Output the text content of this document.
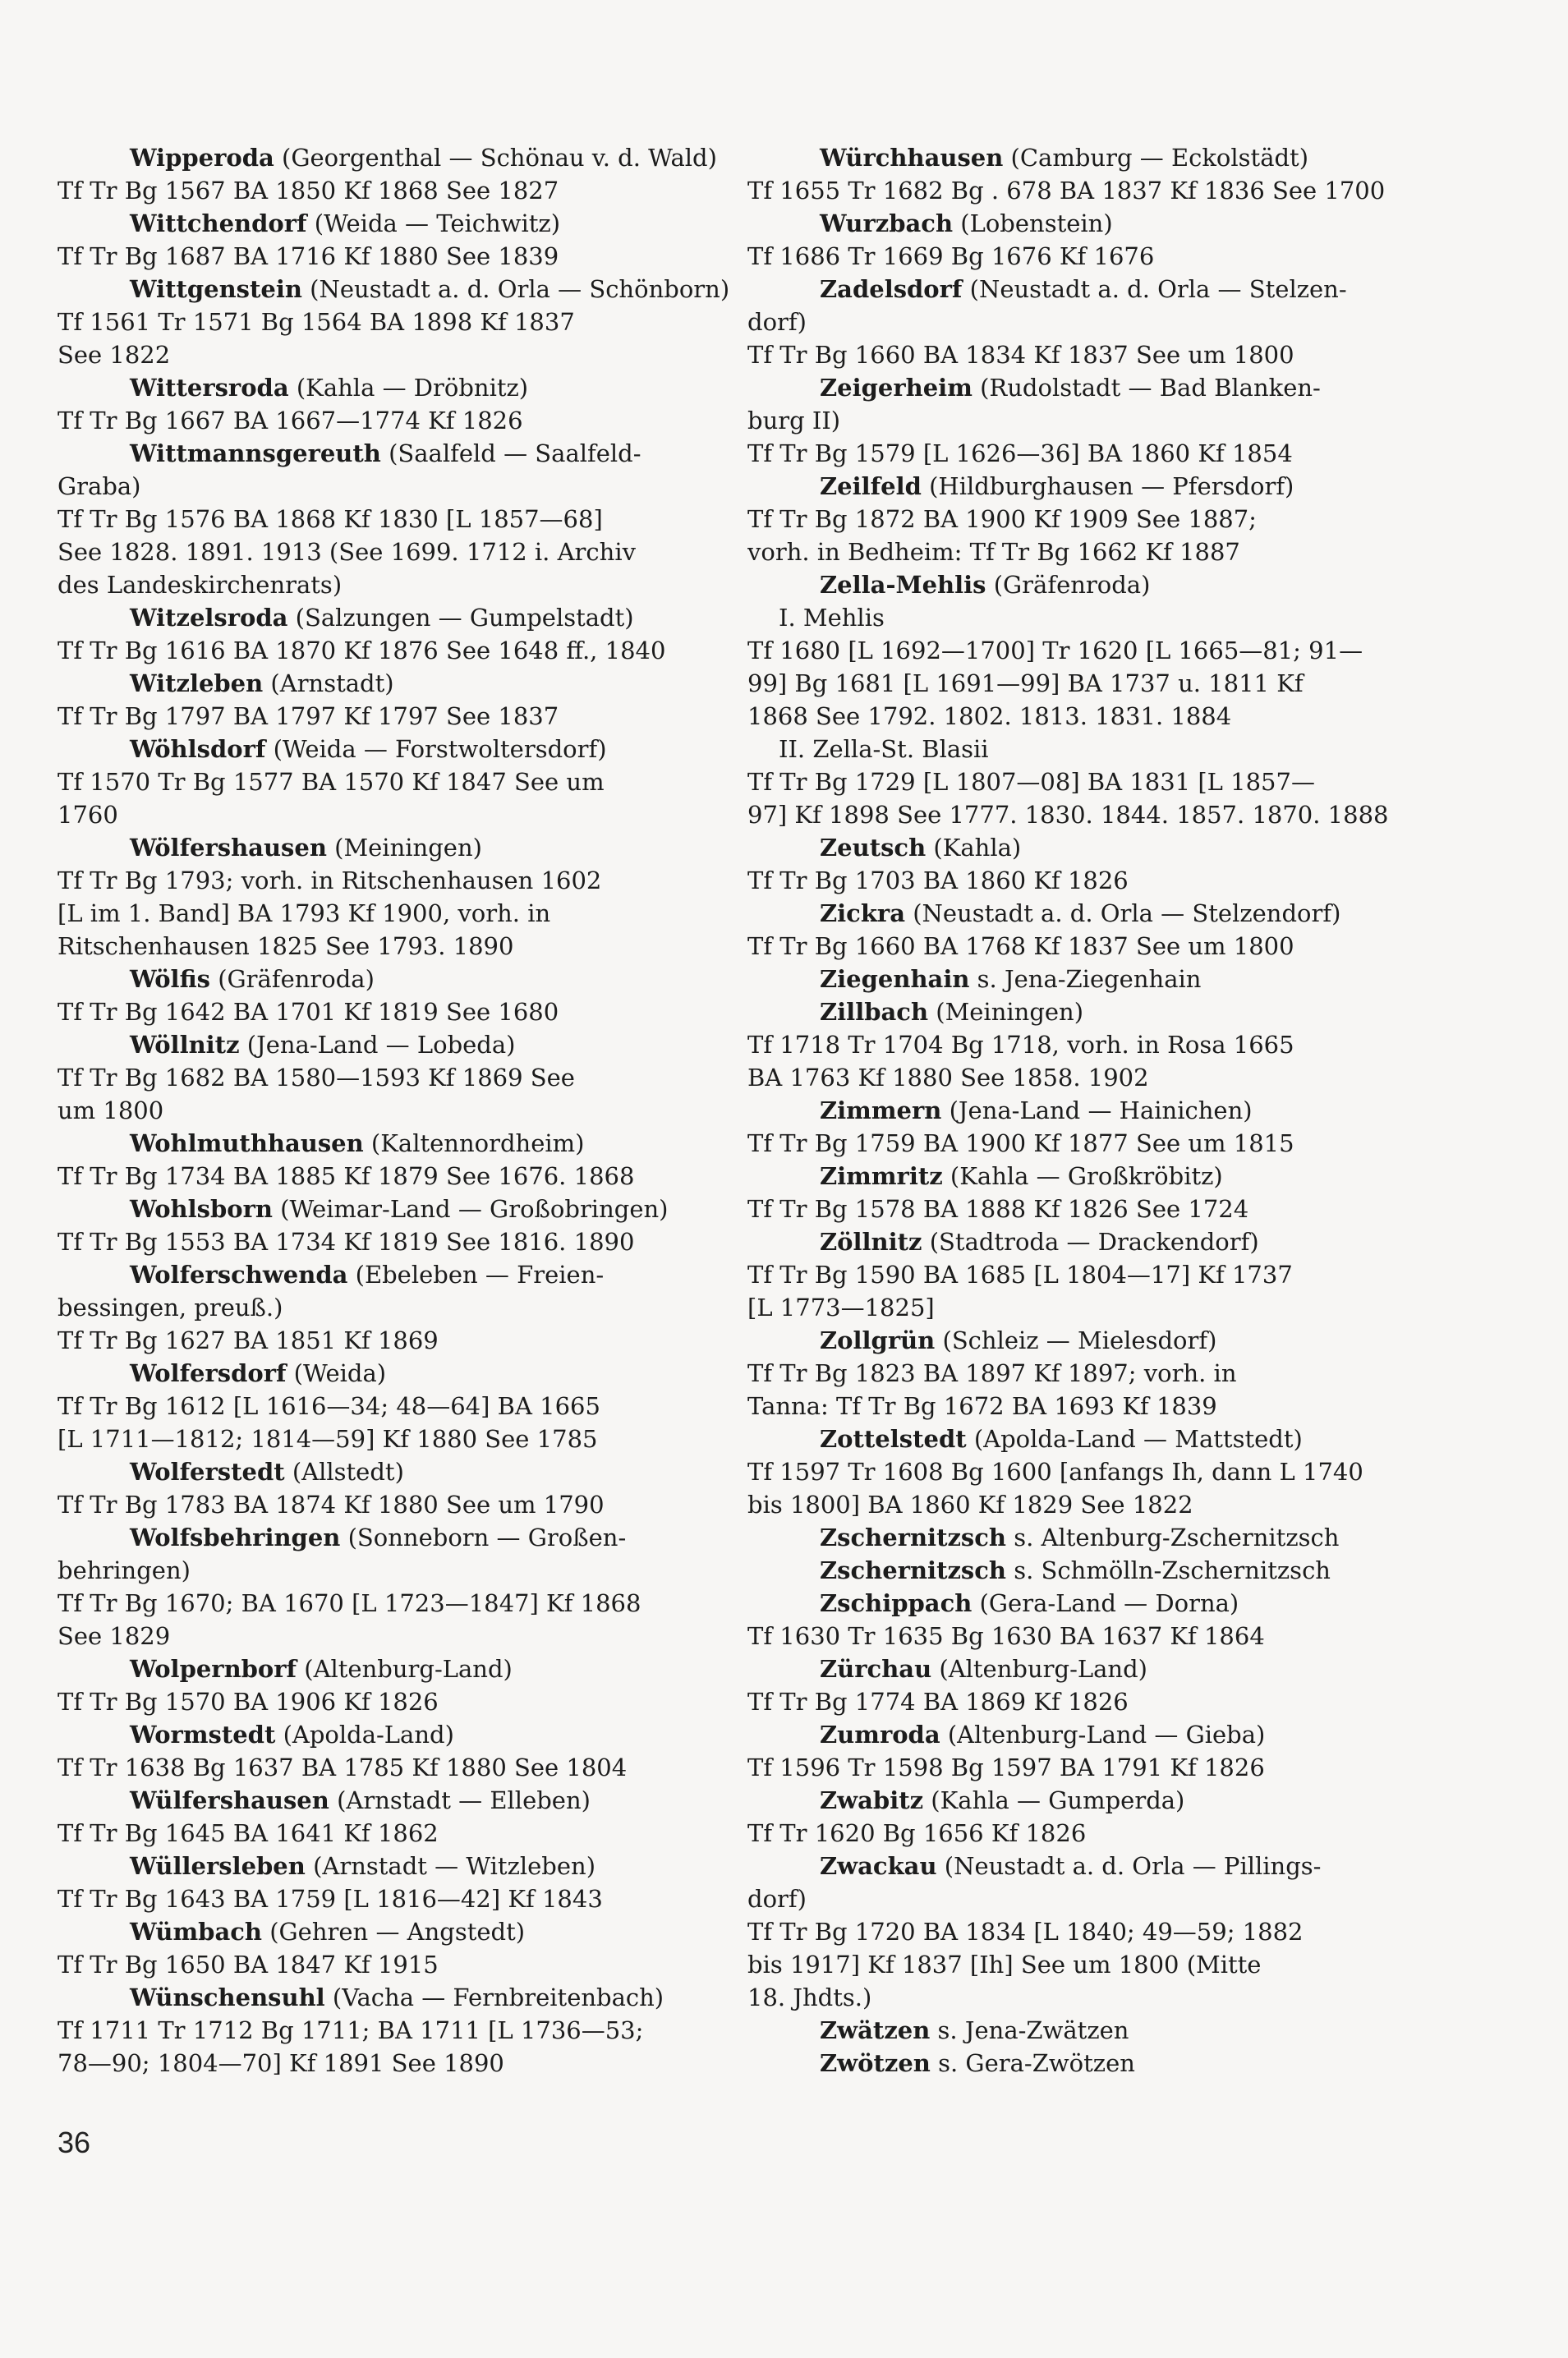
Wipperoda (Georgenthal — Schönau v. d. Wald)
Tf Tr Bg 1567 BA 1850 Kf 1868 See 1827
Wittchendorf (Weida — Teichwitz)
Tf Tr Bg 1687 BA 1716 Kf 1880 See 1839
Wittgenstein (Neustadt a. d. Orla — Schönborn)
Tf 1561 Tr 1571 Bg 1564 BA 1898 Kf 1837
See 1822
Wittersroda (Kahla — Dröbnitz)
Tf Tr Bg 1667 BA 1667—1774 Kf 1826
Wittmannsgereuth (Saalfeld — Saalfeld-
Graba)
Tf Tr Bg 1576 BA 1868 Kf 1830 [L 1857—68]
See 1828. 1891. 1913 (See 1699. 1712 i. Archiv
des Landeskirchenrats)
Witzelsroda (Salzungen — Gumpelstadt)
Tf Tr Bg 1616 BA 1870 Kf 1876 See 1648 ff., 1840
Witzleben (Arnstadt)
Tf Tr Bg 1797 BA 1797 Kf 1797 See 1837
Wöhlsdorf (Weida — Forstwoltersdorf)
Tf 1570 Tr Bg 1577 BA 1570 Kf 1847 See um
1760
Wölfershausen (Meiningen)
Tf Tr Bg 1793; vorh. in Ritschenhausen 1602
[L im 1. Band] BA 1793 Kf 1900, vorh. in
Ritschenhausen 1825 See 1793. 1890
Wölfis (Gräfenroda)
Tf Tr Bg 1642 BA 1701 Kf 1819 See 1680
Wöllnitz (Jena-Land — Lobeda)
Tf Tr Bg 1682 BA 1580—1593 Kf 1869 See
um 1800
Wohlmuthhausen (Kaltennordheim)
Tf Tr Bg 1734 BA 1885 Kf 1879 See 1676. 1868
Wohlsborn (Weimar-Land — Großobringen)
Tf Tr Bg 1553 BA 1734 Kf 1819 See 1816. 1890
Wolferschwenda (Ebeleben — Freien-
bessingen, preuß.)
Tf Tr Bg 1627 BA 1851 Kf 1869
Wolfersdorf (Weida)
Tf Tr Bg 1612 [L 1616—34; 48—64] BA 1665
[L 1711—1812; 1814—59] Kf 1880 See 1785
Wolferstedt (Allstedt)
Tf Tr Bg 1783 BA 1874 Kf 1880 See um 1790
Wolfsbehringen (Sonneborn — Großen-
behringen)
Tf Tr Bg 1670; BA 1670 [L 1723—1847] Kf 1868
See 1829
Wolpernborf (Altenburg-Land)
Tf Tr Bg 1570 BA 1906 Kf 1826
Wormstedt (Apolda-Land)
Tf Tr 1638 Bg 1637 BA 1785 Kf 1880 See 1804
Wülfershausen (Arnstadt — Elleben)
Tf Tr Bg 1645 BA 1641 Kf 1862
Wüllersleben (Arnstadt — Witzleben)
Tf Tr Bg 1643 BA 1759 [L 1816—42] Kf 1843
Wümbach (Gehren — Angstedt)
Tf Tr Bg 1650 BA 1847 Kf 1915
Wünschensuhl (Vacha — Fernbreitenbach)
Tf 1711 Tr 1712 Bg 1711; BA 1711 [L 1736—53;
78—90; 1804—70] Kf 1891 See 1890
Würchhausen (Camburg — Eckolstädt)
Tf 1655 Tr 1682 Bg . 678 BA 1837 Kf 1836 See 1700
Wurzbach (Lobenstein)
Tf 1686 Tr 1669 Bg 1676 Kf 1676
Zadelsdorf (Neustadt a. d. Orla — Stelzen-
dorf)
Tf Tr Bg 1660 BA 1834 Kf 1837 See um 1800
Zeigerheim (Rudolstadt — Bad Blanken-
burg II)
Tf Tr Bg 1579 [L 1626—36] BA 1860 Kf 1854
Zeilfeld (Hildburghausen — Pfersdorf)
Tf Tr Bg 1872 BA 1900 Kf 1909 See 1887;
vorh. in Bedheim: Tf Tr Bg 1662 Kf 1887
Zella-Mehlis (Gräfenroda)
I. Mehlis
Tf 1680 [L 1692—1700] Tr 1620 [L 1665—81; 91—
99] Bg 1681 [L 1691—99] BA 1737 u. 1811 Kf
1868 See 1792. 1802. 1813. 1831. 1884
II. Zella-St. Blasii
Tf Tr Bg 1729 [L 1807—08] BA 1831 [L 1857—
97] Kf 1898 See 1777. 1830. 1844. 1857. 1870. 1888
Zeutsch (Kahla)
Tf Tr Bg 1703 BA 1860 Kf 1826
Zickra (Neustadt a. d. Orla — Stelzendorf)
Tf Tr Bg 1660 BA 1768 Kf 1837 See um 1800
Ziegenhain s. Jena-Ziegenhain
Zillbach (Meiningen)
Tf 1718 Tr 1704 Bg 1718, vorh. in Rosa 1665
BA 1763 Kf 1880 See 1858. 1902
Zimmern (Jena-Land — Hainichen)
Tf Tr Bg 1759 BA 1900 Kf 1877 See um 1815
Zimmritz (Kahla — Großkröbitz)
Tf Tr Bg 1578 BA 1888 Kf 1826 See 1724
Zöllnitz (Stadtroda — Drackendorf)
Tf Tr Bg 1590 BA 1685 [L 1804—17] Kf 1737
[L 1773—1825]
Zollgrün (Schleiz — Mielesdorf)
Tf Tr Bg 1823 BA 1897 Kf 1897; vorh. in
Tanna: Tf Tr Bg 1672 BA 1693 Kf 1839
Zottelstedt (Apolda-Land — Mattstedt)
Tf 1597 Tr 1608 Bg 1600 [anfangs Ih, dann L 1740
bis 1800] BA 1860 Kf 1829 See 1822
Zschernitzsch s. Altenburg-Zschernitzsch
Zschernitzsch s. Schmölln-Zschernitzsch
Zschippach (Gera-Land — Dorna)
Tf 1630 Tr 1635 Bg 1630 BA 1637 Kf 1864
Zürchau (Altenburg-Land)
Tf Tr Bg 1774 BA 1869 Kf 1826
Zumroda (Altenburg-Land — Gieba)
Tf 1596 Tr 1598 Bg 1597 BA 1791 Kf 1826
Zwabitz (Kahla — Gumperda)
Tf Tr 1620 Bg 1656 Kf 1826
Zwackau (Neustadt a. d. Orla — Pillings-
dorf)
Tf Tr Bg 1720 BA 1834 [L 1840; 49—59; 1882
bis 1917] Kf 1837 [Ih] See um 1800 (Mitte
18. Jhdts.)
Zwätzen s. Jena-Zwätzen
Zwötzen s. Gera-Zwötzen
36
